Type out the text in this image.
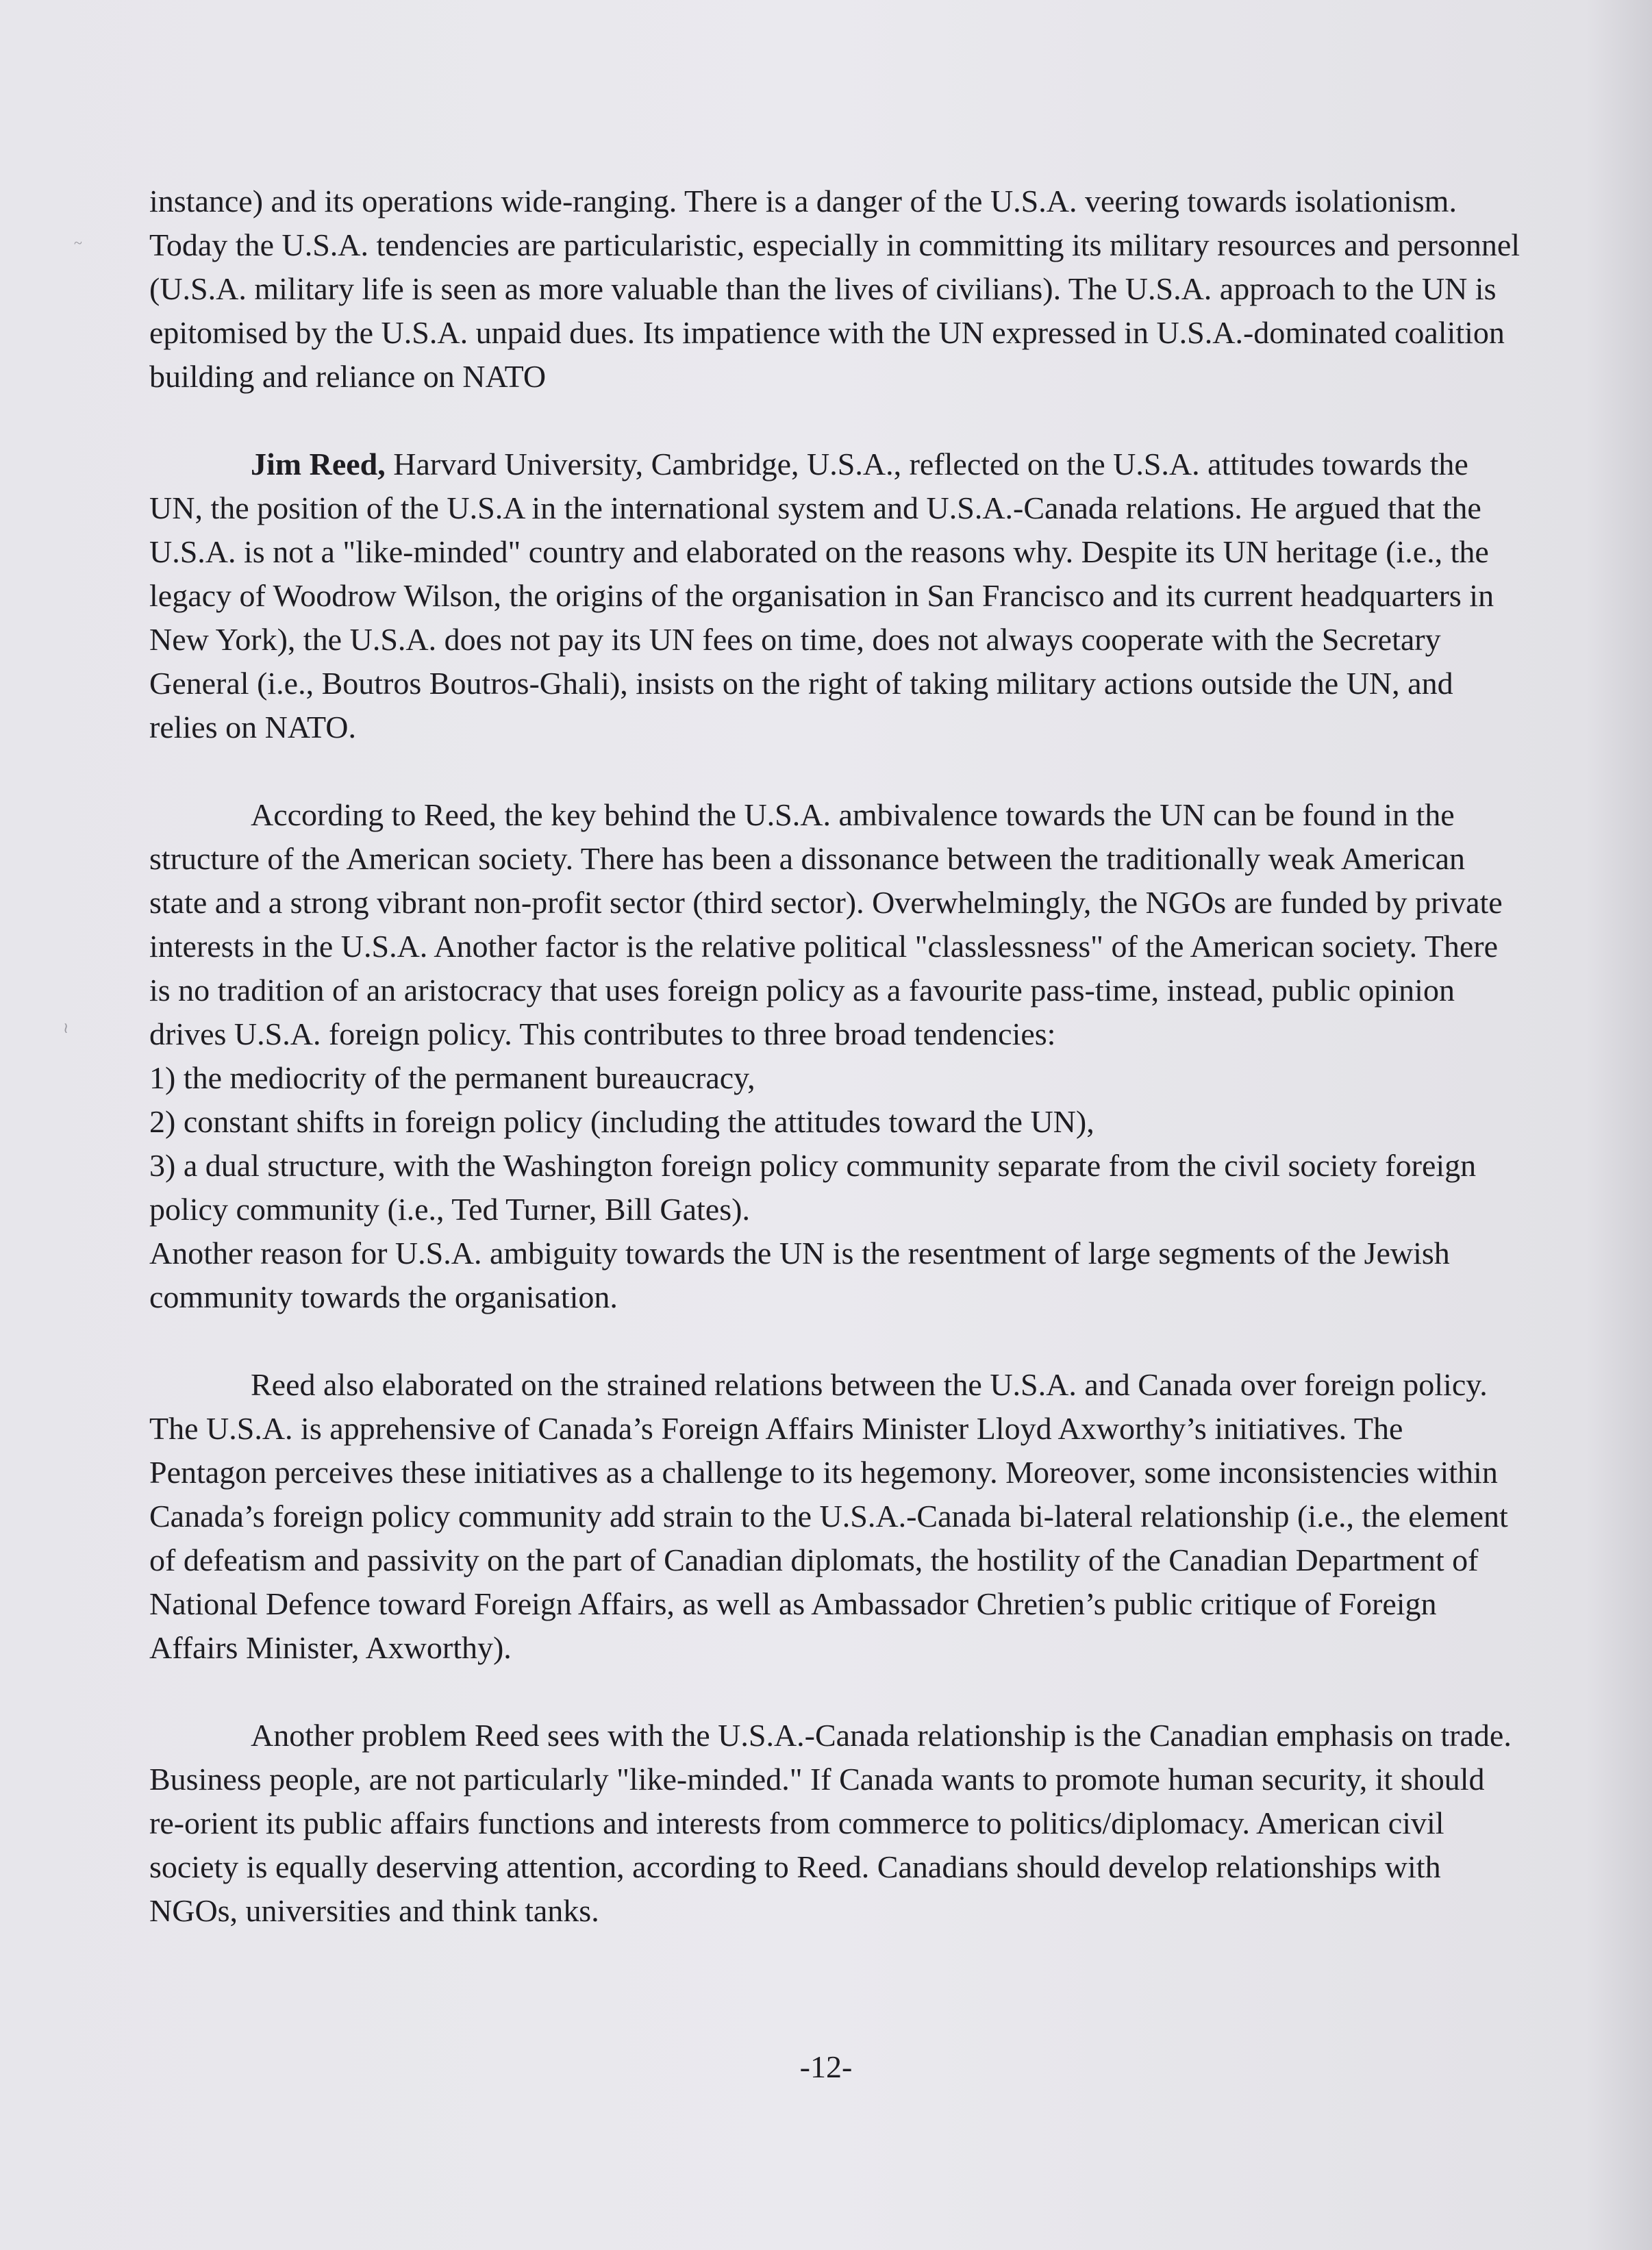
~
≀

instance) and its operations wide-ranging. There is a danger of the U.S.A. veering towards isolationism. Today the U.S.A. tendencies are particularistic, especially in committing its military resources and personnel (U.S.A. military life is seen as more valuable than the lives of civilians). The U.S.A. approach to the UN is epitomised by the U.S.A. unpaid dues. Its impatience with the UN expressed in U.S.A.-dominated coalition building and reliance on NATO

Jim Reed, Harvard University, Cambridge, U.S.A., reflected on the U.S.A. attitudes towards the UN, the position of the U.S.A in the international system and U.S.A.-Canada relations. He argued that the U.S.A. is not a "like-minded" country and elaborated on the reasons why. Despite its UN heritage (i.e., the legacy of Woodrow Wilson, the origins of the organisation in San Francisco and its current headquarters in New York), the U.S.A. does not pay its UN fees on time, does not always cooperate with the Secretary General (i.e., Boutros Boutros-Ghali), insists on the right of taking military actions outside the UN, and relies on NATO.

According to Reed, the key behind the U.S.A. ambivalence towards the UN can be found in the structure of the American society. There has been a dissonance between the traditionally weak American state and a strong vibrant non-profit sector (third sector). Overwhelmingly, the NGOs are funded by private interests in the U.S.A. Another factor is the relative political "classlessness" of the American society. There is no tradition of an aristocracy that uses foreign policy as a favourite pass-time, instead, public opinion drives U.S.A. foreign policy. This contributes to three broad tendencies:

1) the mediocrity of the permanent bureaucracy,
2) constant shifts in foreign policy (including the attitudes toward the UN),
3) a dual structure, with the Washington foreign policy community separate from the civil society foreign policy community (i.e., Ted Turner, Bill Gates).

Another reason for U.S.A. ambiguity towards the UN is the resentment of large segments of the Jewish community towards the organisation.

Reed also elaborated on the strained relations between the U.S.A. and Canada over foreign policy. The U.S.A. is apprehensive of Canada’s Foreign Affairs Minister Lloyd Axworthy’s initiatives. The Pentagon perceives these initiatives as a challenge to its hegemony. Moreover, some inconsistencies within Canada’s foreign policy community add strain to the U.S.A.-Canada bi-lateral relationship (i.e., the element of defeatism and passivity on the part of Canadian diplomats, the hostility of the Canadian Department of National Defence toward Foreign Affairs, as well as Ambassador Chretien’s public critique of Foreign Affairs Minister, Axworthy).

Another problem Reed sees with the U.S.A.-Canada relationship is the Canadian emphasis on trade. Business people, are not particularly "like-minded." If Canada wants to promote human security, it should re-orient its public affairs functions and interests from commerce to politics/diplomacy. American civil society is equally deserving attention, according to Reed. Canadians should develop relationships with NGOs, universities and think tanks.

-12-
